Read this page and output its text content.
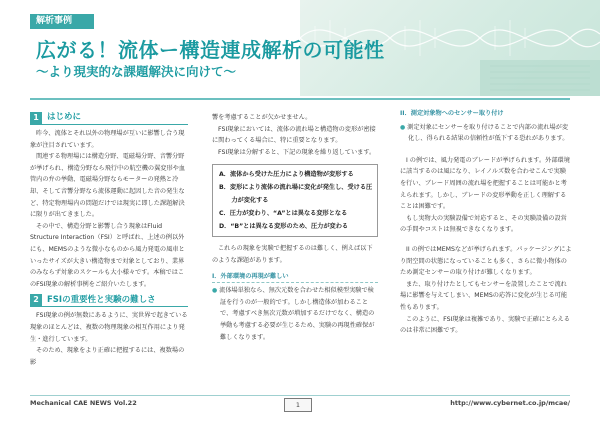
解析事例
広がる！流体ー構造連成解析の可能性
〜より現実的な課題解決に向けて〜
1 はじめに

昨今、流体とそれ以外の物理場が互いに影響し合う現象が注目されています。

関連する物理場には構造分野、電磁場分野、音響分野が挙げられ、構造分野なら飛行中の航空機の翼変形や血管内の弁の挙動、電磁場分野ならモーターの発熱と冷却、そして音響分野なら流体運動に起因した音の発生など、特定物理場内の問題だけでは現実に即した課題解決に限りが出てきました。

その中で、構造分野と影響し合う現象はFluid Structure Interaction（FSI）と呼ばれ、上述の例以外にも、MEMSのような微小なものから風力発電の風車といったサイズが大きい構造物まで対象としており、業界のみならず対象のスケールも大小様々です。本稿ではこのFSI現象の解析事例をご紹介いたします。

2 FSIの重要性と実験の難しさ

FSI現象の例が無数にあるように、実世界で起きている現象のほとんどは、複数の物理現象の相互作用により発生・進行しています。

そのため、現象をより正確に把握するには、複数場の影

響を考慮することが欠かせません。

FSI現象においては、流体の流れ場と構造物の変形が密接に関わってくる場合に、特に重要となります。

FSI現象は分解すると、下記の現象を繰り返しています。

A．流体から受けた圧力により構造物が変形する
B．変形により流体の流れ場に変化が発生し、受ける圧
　　力が変化する
C．圧力が変わり、“A”とは異なる変形となる
D．“B”とは異なる変形のため、圧力が変わる

これらの現象を実験で把握するのは難しく、例えば以下のような課題があります。

I．外部環境の再現が難しい

● 流体場単独なら、無次元数を合わせた相似模型実験で検証を行うのが一般的です。しかし構造体が加わることで、考慮すべき無次元数が増加するだけでなく、構造の挙動も考慮する必要が生じるため、実験の再現性確保が難しくなります。

II．測定対象物へのセンサー取り付け

● 測定対象にセンサーを取り付けることで内部の流れ場が変化し、得られる結果の信頼性が低下する恐れがあります。

I の例では、風力発電のブレードが挙げられます。外部環境に該当するのは風になり、レイノルズ数を合わせこんで実験を行い、ブレード周囲の流れ場を把握することは可能かと考えられます。しかし、ブレードの変形挙動を正しく理解することは困難です。

もし実物大の実験設備で対応すると、その実験設備の設営の手間やコストは無視できなくなります。

II の例ではMEMSなどが挙げられます。パッケージングにより閉空間の状態になっていることも多く、さらに微小物体のため測定センサーの取り付けが難しくなります。

また、取り付けたとしてもセンサーを設置したことで流れ場に影響を与えてしまい、MEMSの応答に変化が生じる可能性もあります。

このように、FSI現象は複雑であり、実験で正確にとらえるのは非常に困難です。

Mechanical CAE NEWS Vol.22	1	http://www.cybernet.co.jp/mcae/
